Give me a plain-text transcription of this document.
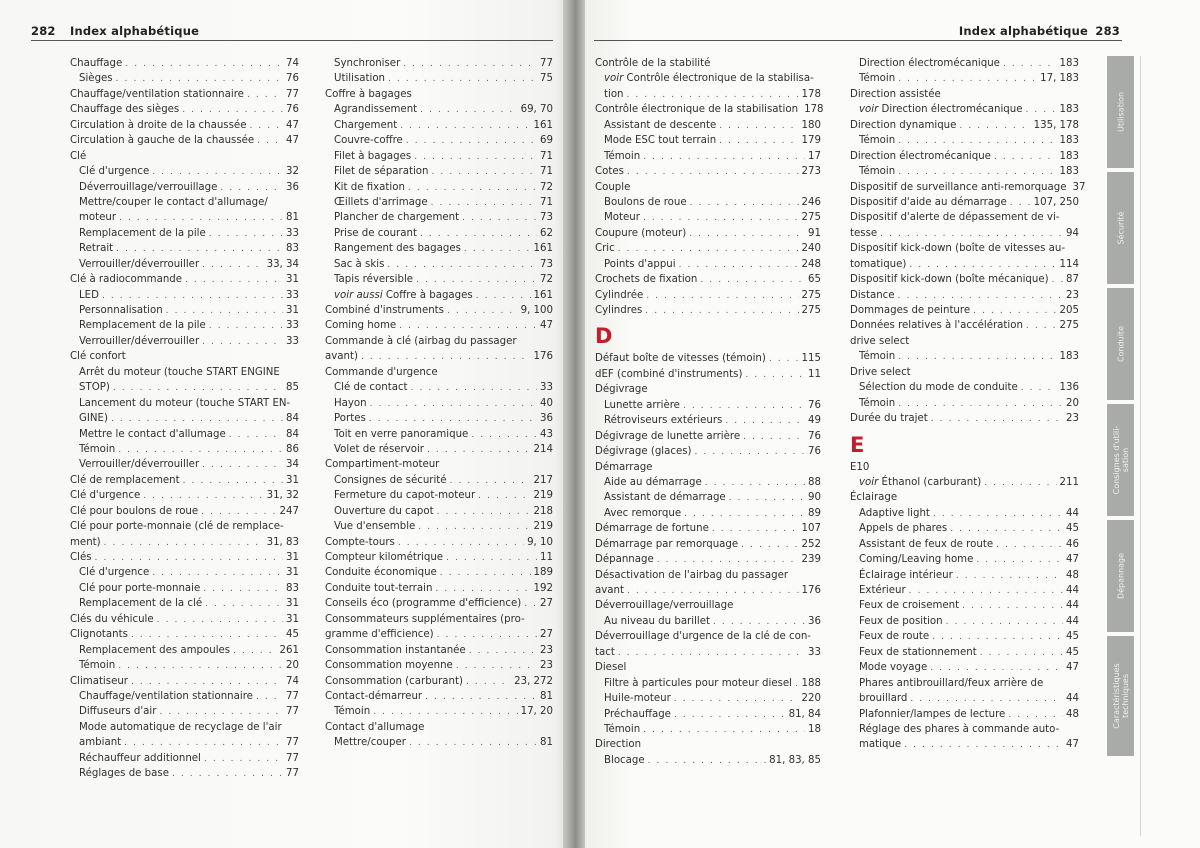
282 Index alphabétique
Chauffage . . .	74
Sièges . . .	76
Chauffage/ventilation stationnaire . . .	77
Chauffage des sièges . . .	76
Circulation à droite de la chaussée . . .	47
Circulation à gauche de la chaussée . . .	47
Clé
Clé d'urgence . . .	32
Déverrouillage/verrouillage . . .	36
Mettre/couper le contact d'allumage/
moteur . . .	81
Remplacement de la pile . . .	33
Retrait . . .	83
Verrouiller/déverrouiller . . .	33, 34
Clé à radiocommande . . .	31
LED . . .	33
Personnalisation . . .	31
Remplacement de la pile . . .	33
Verrouiller/déverrouiller . . .	33
Clé confort
Arrêt du moteur (touche START ENGINE
STOP) . . .	85
Lancement du moteur (touche START EN-
GINE) . . .	84
Mettre le contact d'allumage . . .	84
Témoin . . .	86
Verrouiller/déverrouiller . . .	34
Clé de remplacement . . .	31
Clé d'urgence . . .	31, 32
Clé pour boulons de roue . . .	247
Clé pour porte-monnaie (clé de remplace-
ment) . . .	31, 83
Clés . . .	31
Clé d'urgence . . .	31
Clé pour porte-monnaie . . .	83
Remplacement de la clé . . .	31
Clés du véhicule . . .	31
Clignotants . . .	45
Remplacement des ampoules . . .	261
Témoin . . .	20
Climatiseur . . .	74
Chauffage/ventilation stationnaire . . .	77
Diffuseurs d'air . . .	77
Mode automatique de recyclage de l'air
ambiant . . .	77
Réchauffeur additionnel . . .	77
Réglages de base . . .	77
Synchroniser . . .	77
Utilisation . . .	75
Coffre à bagages
Agrandissement . . .	69, 70
Chargement . . .	161
Couvre-coffre . . .	69
Filet à bagages . . .	71
Filet de séparation . . .	71
Kit de fixation . . .	72
Œillets d'arrimage . . .	71
Plancher de chargement . . .	73
Prise de courant . . .	62
Rangement des bagages . . .	161
Sac à skis . . .	73
Tapis réversible . . .	72
voir aussi Coffre à bagages . . .	161
Combiné d'instruments . . .	9, 100
Coming home . . .	47
Commande à clé (airbag du passager
avant) . . .	176
Commande d'urgence
Clé de contact . . .	33
Hayon . . .	40
Portes . . .	36
Toit en verre panoramique . . .	43
Volet de réservoir . . .	214
Compartiment-moteur
Consignes de sécurité . . .	217
Fermeture du capot-moteur . . .	219
Ouverture du capot . . .	218
Vue d'ensemble . . .	219
Compte-tours . . .	9, 10
Compteur kilométrique . . .	11
Conduite économique . . .	189
Conduite tout-terrain . . .	192
Conseils éco (programme d'efficience) . . . 27
Consommateurs supplémentaires (pro-
gramme d'efficience) . . .	27
Consommation instantanée . . .	23
Consommation moyenne . . .	23
Consommation (carburant) . . .	23, 272
Contact-démarreur . . .	81
Témoin . . .	17, 20
Contact d'allumage
Mettre/couper . . .	81
Index alphabétique 283
Contrôle de la stabilité
voir Contrôle électronique de la stabilisa-
tion . . .	178
Contrôle électronique de la stabilisation 178
Assistant de descente . . .	180
Mode ESC tout terrain . . .	179
Témoin . . .	17
Cotes . . .	273
Couple
Boulons de roue . . .	246
Moteur . . .	275
Coupure (moteur) . . .	91
Cric . . .	240
Points d'appui . . .	248
Crochets de fixation . . .	65
Cylindrée . . .	275
Cylindres . . .	275
D
Défaut boîte de vitesses (témoin) . . .	115
dEF (combiné d'instruments) . . .	11
Dégivrage
Lunette arrière . . .	76
Rétroviseurs extérieurs . . .	49
Dégivrage de lunette arrière . . .	76
Dégivrage (glaces) . . .	76
Démarrage
Aide au démarrage . . .	88
Assistant de démarrage . . .	90
Avec remorque . . .	89
Démarrage de fortune . . .	107
Démarrage par remorquage . . .	252
Dépannage . . .	239
Désactivation de l'airbag du passager
avant . . .	176
Déverrouillage/verrouillage
Au niveau du barillet . . .	36
Déverrouillage d'urgence de la clé de con-
tact . . .	33
Diesel
Filtre à particules pour moteur diesel . . . 188
Huile-moteur . . .	220
Préchauffage . . .	81, 84
Témoin . . .	18
Direction
Blocage . . .	81, 83, 85
Direction électromécanique . . .	183
Témoin . . .	17, 183
Direction assistée
voir Direction électromécanique . . .	183
Direction dynamique . . .	135, 178
Témoin . . .	183
Direction électromécanique . . .	183
Témoin . . .	183
Dispositif de surveillance anti-remorquage 37
Dispositif d'aide au démarrage . . .	107, 250
Dispositif d'alerte de dépassement de vi-
tesse . . .	94
Dispositif kick-down (boîte de vitesses au-
tomatique) . . .	114
Dispositif kick-down (boîte mécanique) . . . 87
Distance . . .	23
Dommages de peinture . . .	205
Données relatives à l'accélération . . .	275
drive select
Témoin . . .	183
Drive select
Sélection du mode de conduite . . .	136
Témoin . . .	20
Durée du trajet . . .	23
E
E10
voir Éthanol (carburant) . . .	211
Éclairage
Adaptive light . . .	44
Appels de phares . . .	45
Assistant de feux de route . . .	46
Coming/Leaving home . . .	47
Éclairage intérieur . . .	48
Extérieur . . .	44
Feux de croisement . . .	44
Feux de position . . .	44
Feux de route . . .	45
Feux de stationnement . . .	45
Mode voyage . . .	47
Phares antibrouillard/feux arrière de
brouillard . . .	44
Plafonnier/lampes de lecture . . .	48
Réglage des phares à commande auto-
matique . . .	47
Utilisation
Sécurité
Conduite
Consignes d'utili-
sation
Dépannage
Caractéristiques
techniques
